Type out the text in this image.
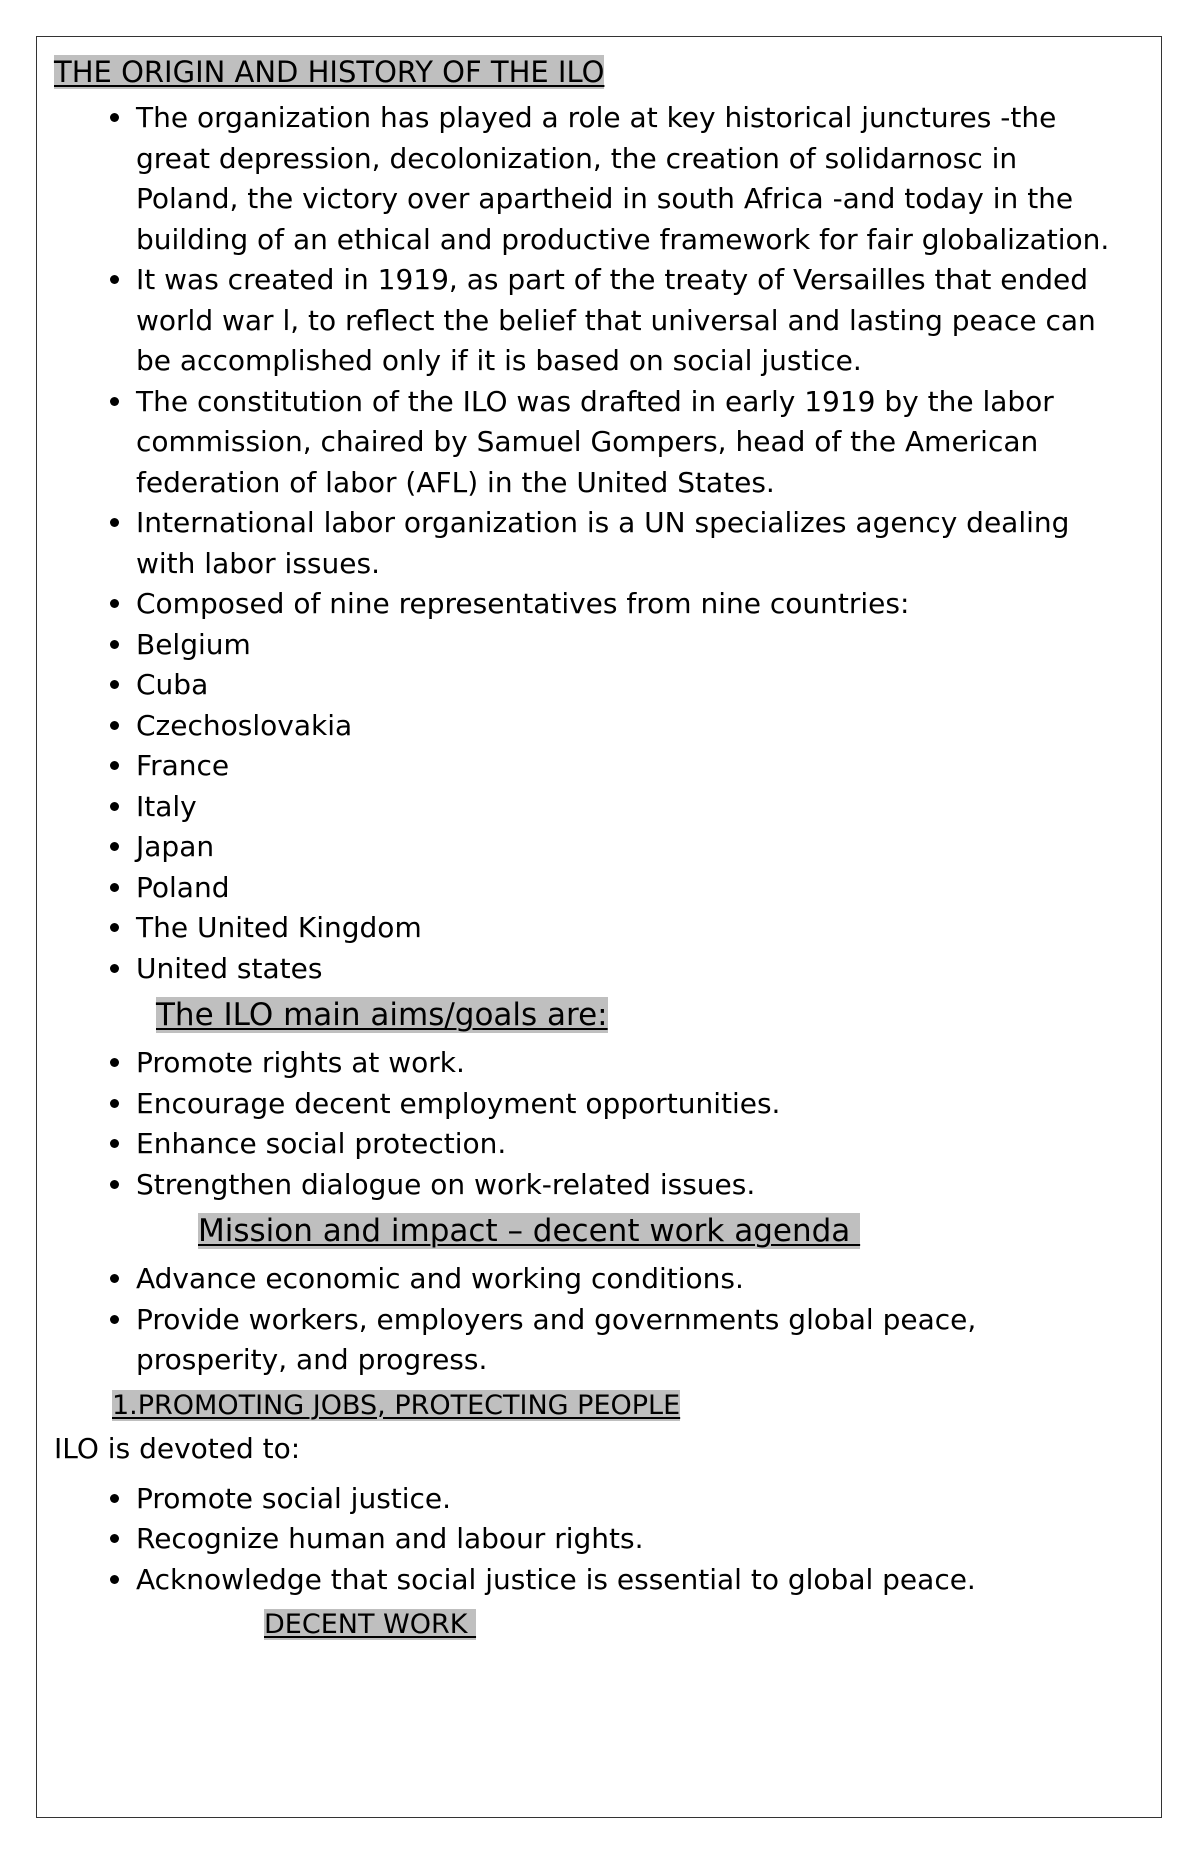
THE ORIGIN AND HISTORY OF THE ILO
The organization has played a role at key historical junctures -the great depression, decolonization, the creation of solidarnosc in Poland, the victory over apartheid in south Africa -and today in the building of an ethical and productive framework for fair globalization.
It was created in 1919, as part of the treaty of Versailles that ended world war l, to reflect the belief that universal and lasting peace can be accomplished only if it is based on social justice.
The constitution of the ILO was drafted in early 1919 by the labor commission, chaired by Samuel Gompers, head of the American federation of labor (AFL) in the United States.
International labor organization is a UN specializes agency dealing with labor issues.
Composed of nine representatives from nine countries:
Belgium
Cuba
Czechoslovakia
France
Italy
Japan
Poland
The United Kingdom
United states
The ILO main aims/goals are:
Promote rights at work.
Encourage decent employment opportunities.
Enhance social protection.
Strengthen dialogue on work-related issues.
Mission and impact – decent work agenda
Advance economic and working conditions.
Provide workers, employers and governments global peace, prosperity, and progress.
1.PROMOTING JOBS, PROTECTING PEOPLE
ILO is devoted to:
Promote social justice.
Recognize human and labour rights.
Acknowledge that social justice is essential to global peace.
DECENT WORK
